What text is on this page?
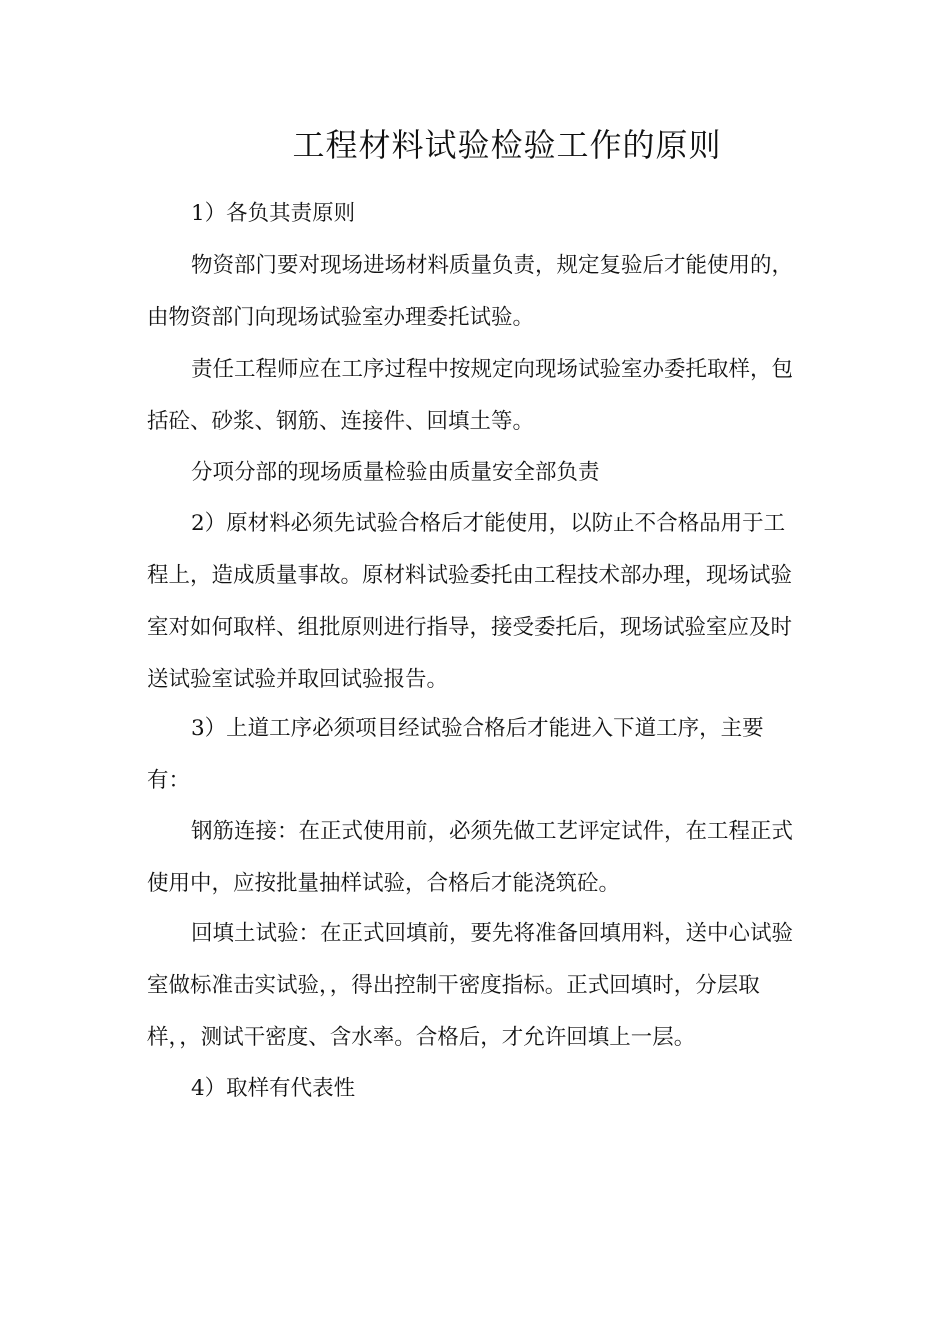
工程材料试验检验工作的原则

1）各负其责原则

物资部门要对现场进场材料质量负责，规定复验后才能使用的，由物资部门向现场试验室办理委托试验。

责任工程师应在工序过程中按规定向现场试验室办委托取样，包括砼、砂浆、钢筋、连接件、回填土等。

分项分部的现场质量检验由质量安全部负责

2）原材料必须先试验合格后才能使用，以防止不合格品用于工程上，造成质量事故。原材料试验委托由工程技术部办理，现场试验室对如何取样、组批原则进行指导，接受委托后，现场试验室应及时送试验室试验并取回试验报告。

3）上道工序必须项目经试验合格后才能进入下道工序，主要有：

钢筋连接：在正式使用前，必须先做工艺评定试件，在工程正式使用中，应按批量抽样试验，合格后才能浇筑砼。

回填土试验：在正式回填前，要先将准备回填用料，送中心试验室做标准击实试验，，得出控制干密度指标。正式回填时，分层取样，，测试干密度、含水率。合格后，才允许回填上一层。

4）取样有代表性
